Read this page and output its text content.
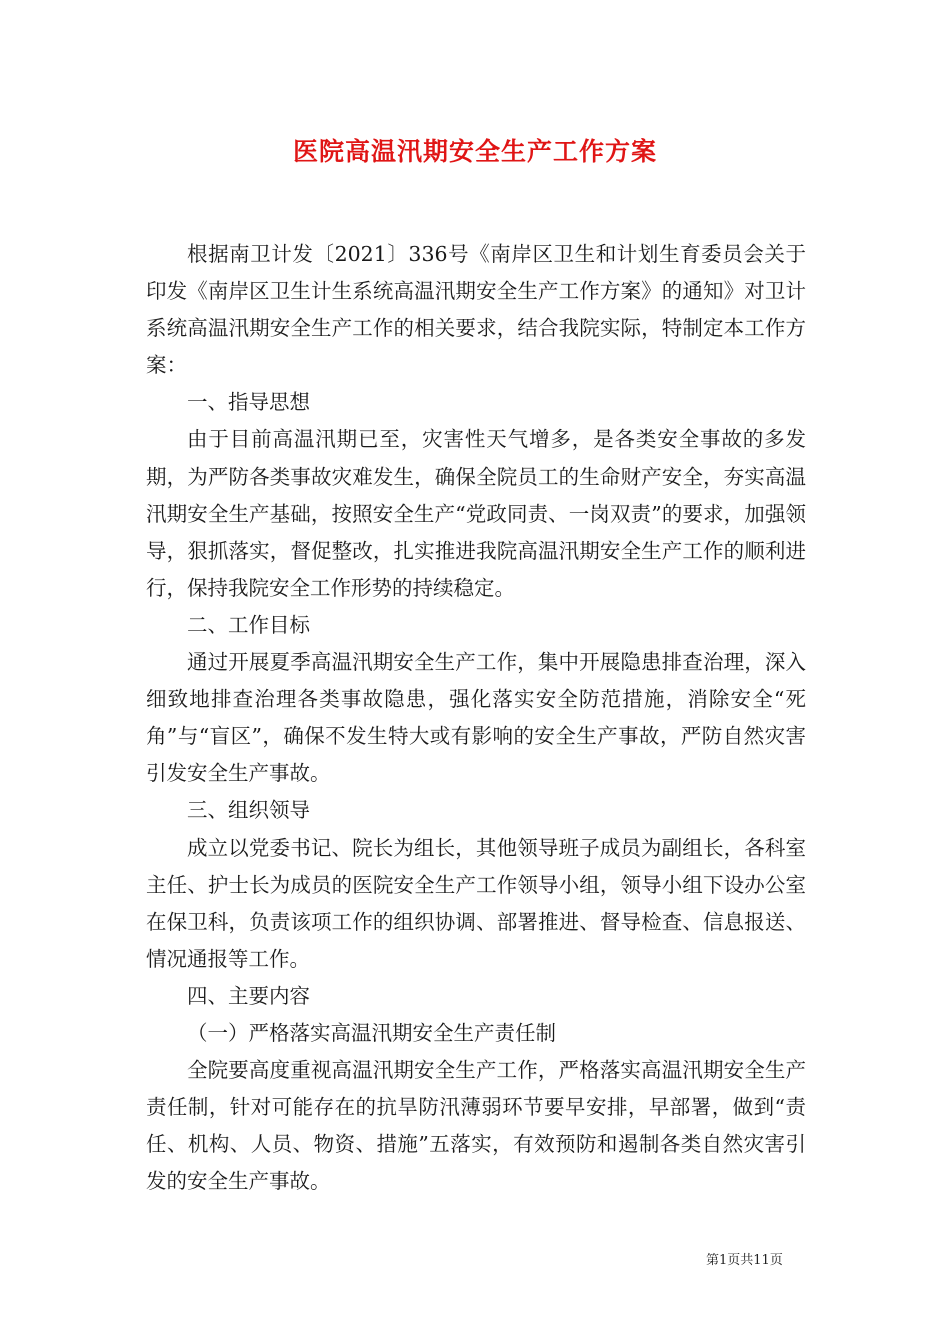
医院高温汛期安全生产工作方案

根据南卫计发〔2021〕336号《南岸区卫生和计划生育委员会关于印发《南岸区卫生计生系统高温汛期安全生产工作方案》的通知》对卫计系统高温汛期安全生产工作的相关要求，结合我院实际，特制定本工作方案：

一、指导思想

由于目前高温汛期已至，灾害性天气增多，是各类安全事故的多发期，为严防各类事故灾难发生，确保全院员工的生命财产安全，夯实高温汛期安全生产基础，按照安全生产“党政同责、一岗双责”的要求，加强领导，狠抓落实，督促整改，扎实推进我院高温汛期安全生产工作的顺利进行，保持我院安全工作形势的持续稳定。

二、工作目标

通过开展夏季高温汛期安全生产工作，集中开展隐患排查治理，深入细致地排查治理各类事故隐患，强化落实安全防范措施，消除安全“死角”与“盲区”，确保不发生特大或有影响的安全生产事故，严防自然灾害引发安全生产事故。

三、组织领导

成立以党委书记、院长为组长，其他领导班子成员为副组长，各科室主任、护士长为成员的医院安全生产工作领导小组，领导小组下设办公室在保卫科，负责该项工作的组织协调、部署推进、督导检查、信息报送、情况通报等工作。

四、主要内容

（一）严格落实高温汛期安全生产责任制

全院要高度重视高温汛期安全生产工作，严格落实高温汛期安全生产责任制，针对可能存在的抗旱防汛薄弱环节要早安排，早部署，做到“责任、机构、人员、物资、措施”五落实，有效预防和遏制各类自然灾害引发的安全生产事故。

第1页共11页
